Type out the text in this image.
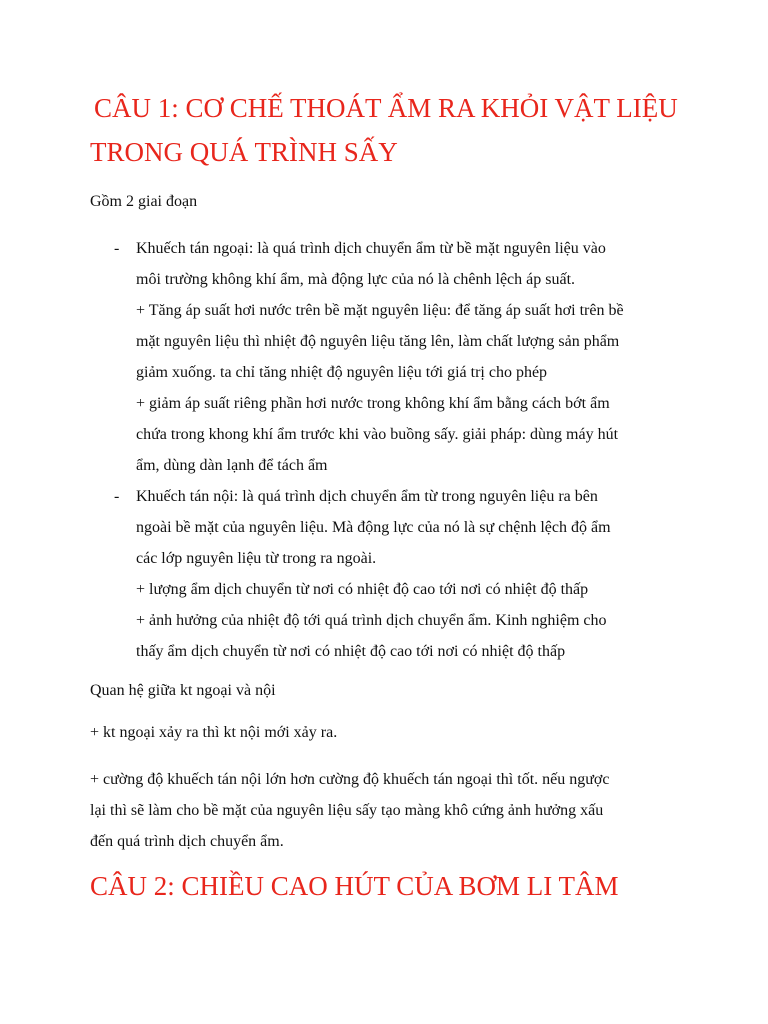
CÂU 1: CƠ CHẾ THOÁT ẨM RA KHỎI VẬT LIỆU
TRONG QUÁ TRÌNH SẤY

Gồm 2 giai đoạn

- Khuếch tán ngoại: là quá trình dịch chuyển ẩm từ bề mặt nguyên liệu vào
môi trường không khí ẩm, mà động lực của nó là chênh lệch áp suất.
+ Tăng áp suất hơi nước trên bề mặt nguyên liệu: để tăng áp suất hơi trên bề
mặt nguyên liệu thì nhiệt độ nguyên liệu tăng lên, làm chất lượng sản phẩm
giảm xuống. ta chỉ tăng nhiệt độ nguyên liệu tới giá trị cho phép
+ giảm áp suất riêng phần hơi nước trong không khí ẩm bằng cách bớt ẩm
chứa trong khong khí ẩm trước khi vào buồng sấy. giải pháp: dùng máy hút
ẩm, dùng dàn lạnh để tách ẩm
- Khuếch tán nội: là quá trình dịch chuyển ẩm từ trong nguyên liệu ra bên
ngoài bề mặt của nguyên liệu. Mà động lực của nó là sự chệnh lệch độ ẩm
các lớp nguyên liệu từ trong ra ngoài.
+ lượng ẩm dịch chuyển từ nơi có nhiệt độ cao tới nơi có nhiệt độ thấp
+ ảnh hưởng của nhiệt độ tới quá trình dịch chuyển ẩm. Kinh nghiệm cho
thấy ẩm dịch chuyển từ nơi có nhiệt độ cao tới nơi có nhiệt độ thấp

Quan hệ giữa kt ngoại và nội

+ kt ngoại xảy ra thì kt nội mới xảy ra.

+ cường độ khuếch tán nội lớn hơn cường độ khuếch tán ngoại thì tốt. nếu ngược
lại thì sẽ làm cho bề mặt của nguyên liệu sấy tạo màng khô cứng ảnh hưởng xấu
đến quá trình dịch chuyển ẩm.

CÂU 2: CHIỀU CAO HÚT CỦA BƠM LI TÂM
